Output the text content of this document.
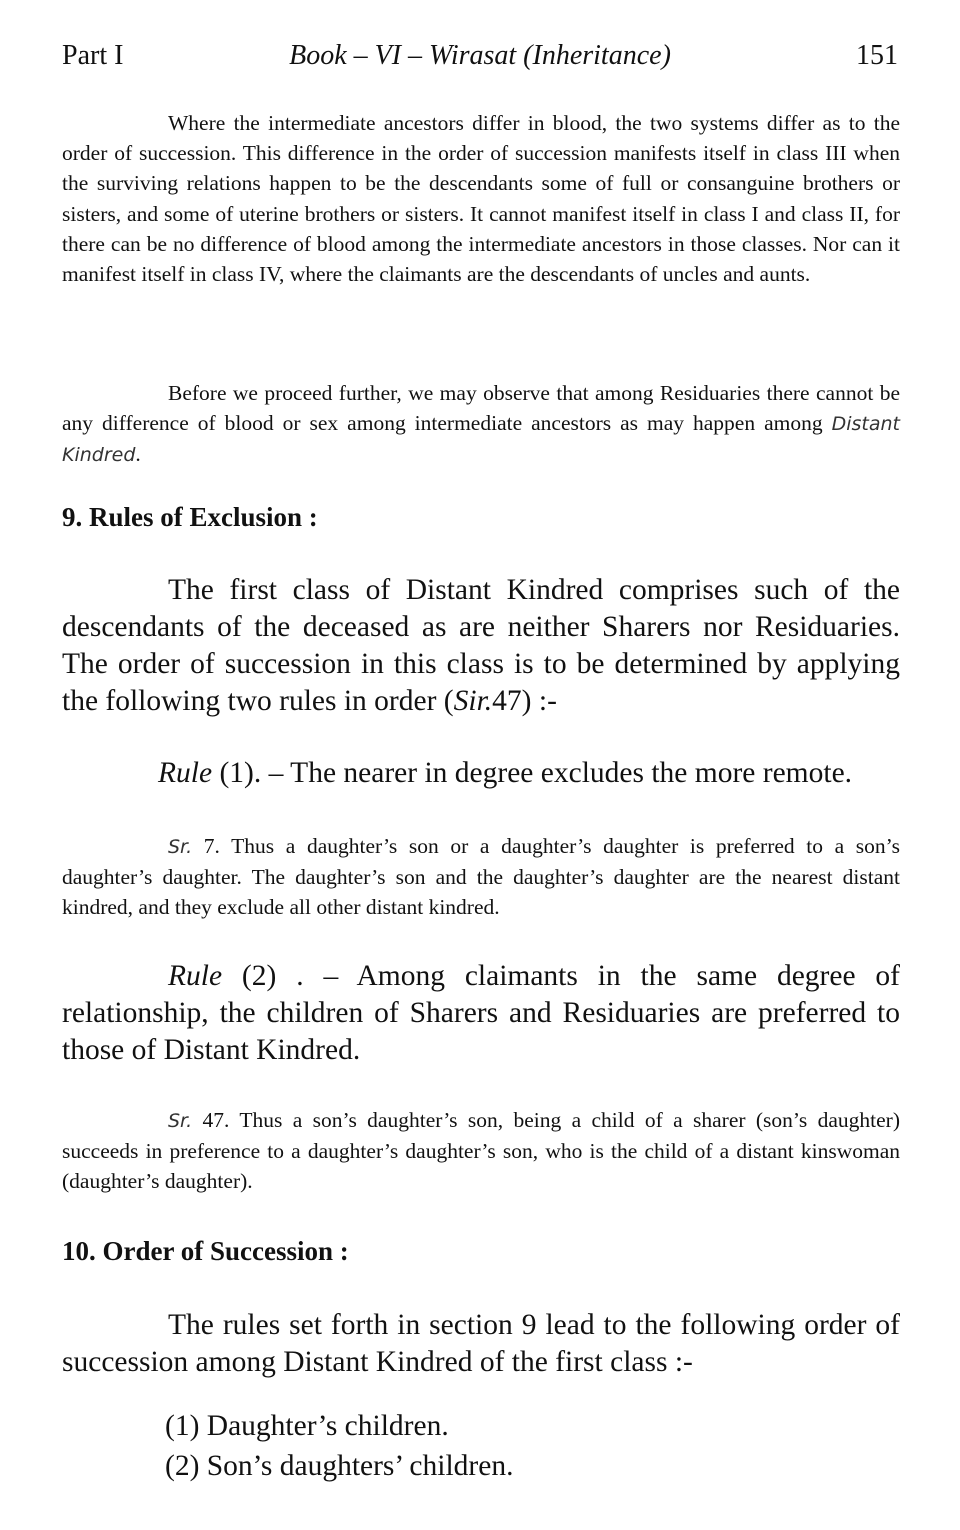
Part I	Book – VI – Wirasat (Inheritance)	151

Where the intermediate ancestors differ in blood, the two systems differ as to the order of succession. This difference in the order of succession manifests itself in class III when the surviving relations happen to be the descendants some of full or consanguine brothers or sisters, and some of uterine brothers or sisters. It cannot manifest itself in class I and class II, for there can be no difference of blood among the intermediate ancestors in those classes. Nor can it manifest itself in class IV, where the claimants are the descendants of uncles and aunts.

Before we proceed further, we may observe that among Residuaries there cannot be any difference of blood or sex among intermediate ancestors as may happen among Distant Kindred.

9. Rules of Exclusion :

The first class of Distant Kindred comprises such of the descendants of the deceased as are neither Sharers nor Residuaries. The order of succession in this class is to be determined by applying the following two rules in order (Sir.47) :-

Rule (1). – The nearer in degree excludes the more remote.

Sr. 7. Thus a daughter’s son or a daughter’s daughter is preferred to a son’s daughter’s daughter. The daughter’s son and the daughter’s daughter are the nearest distant kindred, and they exclude all other distant kindred.

Rule (2) . – Among claimants in the same degree of relationship, the children of Sharers and Residuaries are preferred to those of Distant Kindred.

Sr. 47. Thus a son’s daughter’s son, being a child of a sharer (son’s daughter) succeeds in preference to a daughter’s daughter’s son, who is the child of a distant kinswoman (daughter’s daughter).

10. Order of Succession :

The rules set forth in section 9 lead to the following order of succession among Distant Kindred of the first class :-

(1) Daughter’s children.
(2) Son’s daughters’ children.
